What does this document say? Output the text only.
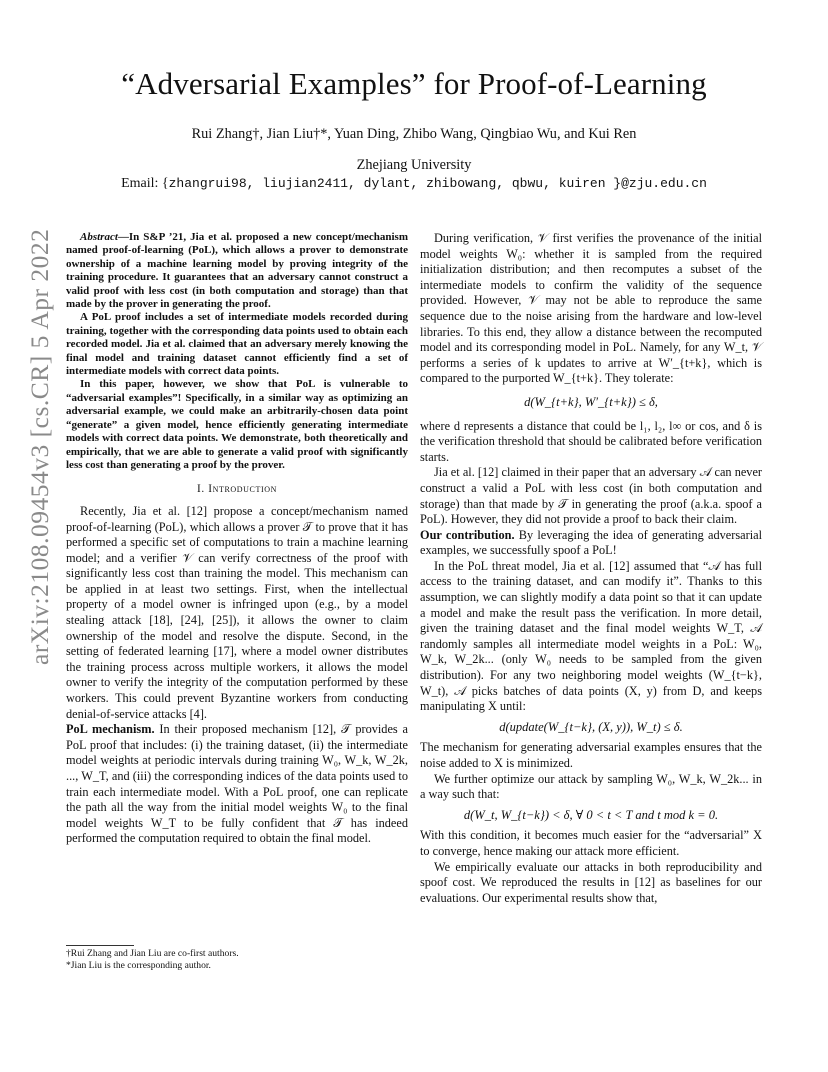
“Adversarial Examples” for Proof-of-Learning
Rui Zhang†, Jian Liu†*, Yuan Ding, Zhibo Wang, Qingbiao Wu, and Kui Ren
Zhejiang University
Email: {zhangrui98, liujian2411, dylant, zhibowang, qbwu, kuiren }@zju.edu.cn
arXiv:2108.09454v3 [cs.CR] 5 Apr 2022	Abstract—In S&P ’21, Jia et al. proposed a new concept/mechanism named proof-of-learning (PoL), which allows a prover to demonstrate ownership of a machine learning model by proving integrity of the training procedure. It guarantees that an adversary cannot construct a valid proof with less cost (in both computation and storage) than that made by the prover in generating the proof.

A PoL proof includes a set of intermediate models recorded during training, together with the corresponding data points used to obtain each recorded model. Jia et al. claimed that an adversary merely knowing the final model and training dataset cannot efficiently find a set of intermediate models with correct data points.

In this paper, however, we show that PoL is vulnerable to “adversarial examples”! Specifically, in a similar way as optimizing an adversarial example, we could make an arbitrarily-chosen data point “generate” a given model, hence efficiently generating intermediate models with correct data points. We demonstrate, both theoretically and empirically, that we are able to generate a valid proof with significantly less cost than generating a proof by the prover.

I. Introduction

Recently, Jia et al. [12] propose a concept/mechanism named proof-of-learning (PoL), which allows a prover 𝒯 to prove that it has performed a specific set of computations to train a machine learning model; and a verifier 𝒱 can verify correctness of the proof with significantly less cost than training the model. This mechanism can be applied in at least two settings. First, when the intellectual property of a model owner is infringed upon (e.g., by a model stealing attack [18], [24], [25]), it allows the owner to claim ownership of the model and resolve the dispute. Second, in the setting of federated learning [17], where a model owner distributes the training process across multiple workers, it allows the model owner to verify the integrity of the computation performed by these workers. This could prevent Byzantine workers from conducting denial-of-service attacks [4].

PoL mechanism. In their proposed mechanism [12], 𝒯 provides a PoL proof that includes: (i) the training dataset, (ii) the intermediate model weights at periodic intervals during training W₀, W_k, W_2k, ..., W_T, and (iii) the corresponding indices of the data points used to train each intermediate model. With a PoL proof, one can replicate the path all the way from the initial model weights W₀ to the final model weights W_T to be fully confident that 𝒯 has indeed performed the computation required to obtain the final model.

†Rui Zhang and Jian Liu are co-first authors.
*Jian Liu is the corresponding author.

During verification, 𝒱 first verifies the provenance of the initial model weights W₀: whether it is sampled from the required initialization distribution; and then recomputes a subset of the intermediate models to confirm the validity of the sequence provided. However, 𝒱 may not be able to reproduce the same sequence due to the noise arising from the hardware and low-level libraries. To this end, they allow a distance between the recomputed model and its corresponding model in PoL. Namely, for any W_t, 𝒱 performs a series of k updates to arrive at W′_{t+k}, which is compared to the purported W_{t+k}. They tolerate:

d(W_{t+k}, W′_{t+k}) ≤ δ,

where d represents a distance that could be l₁, l₂, l∞ or cos, and δ is the verification threshold that should be calibrated before verification starts.

Jia et al. [12] claimed in their paper that an adversary 𝒜 can never construct a valid a PoL with less cost (in both computation and storage) than that made by 𝒯 in generating the proof (a.k.a. spoof a PoL). However, they did not provide a proof to back their claim.

Our contribution. By leveraging the idea of generating adversarial examples, we successfully spoof a PoL!

In the PoL threat model, Jia et al. [12] assumed that “𝒜 has full access to the training dataset, and can modify it”. Thanks to this assumption, we can slightly modify a data point so that it can update a model and make the result pass the verification. In more detail, given the training dataset and the final model weights W_T, 𝒜 randomly samples all intermediate model weights in a PoL: W₀, W_k, W_2k... (only W₀ needs to be sampled from the given distribution). For any two neighboring model weights (W_{t−k}, W_t), 𝒜 picks batches of data points (X, y) from D, and keeps manipulating X until:

d(update(W_{t−k}, (X, y)), W_t) ≤ δ.

The mechanism for generating adversarial examples ensures that the noise added to X is minimized.

We further optimize our attack by sampling W₀, W_k, W_2k... in a way such that:

d(W_t, W_{t−k}) < δ, ∀ 0 < t < T and t mod k = 0.

With this condition, it becomes much easier for the “adversarial” X to converge, hence making our attack more efficient.

We empirically evaluate our attacks in both reproducibility and spoof cost. We reproduced the results in [12] as baselines for our evaluations. Our experimental results show that,
